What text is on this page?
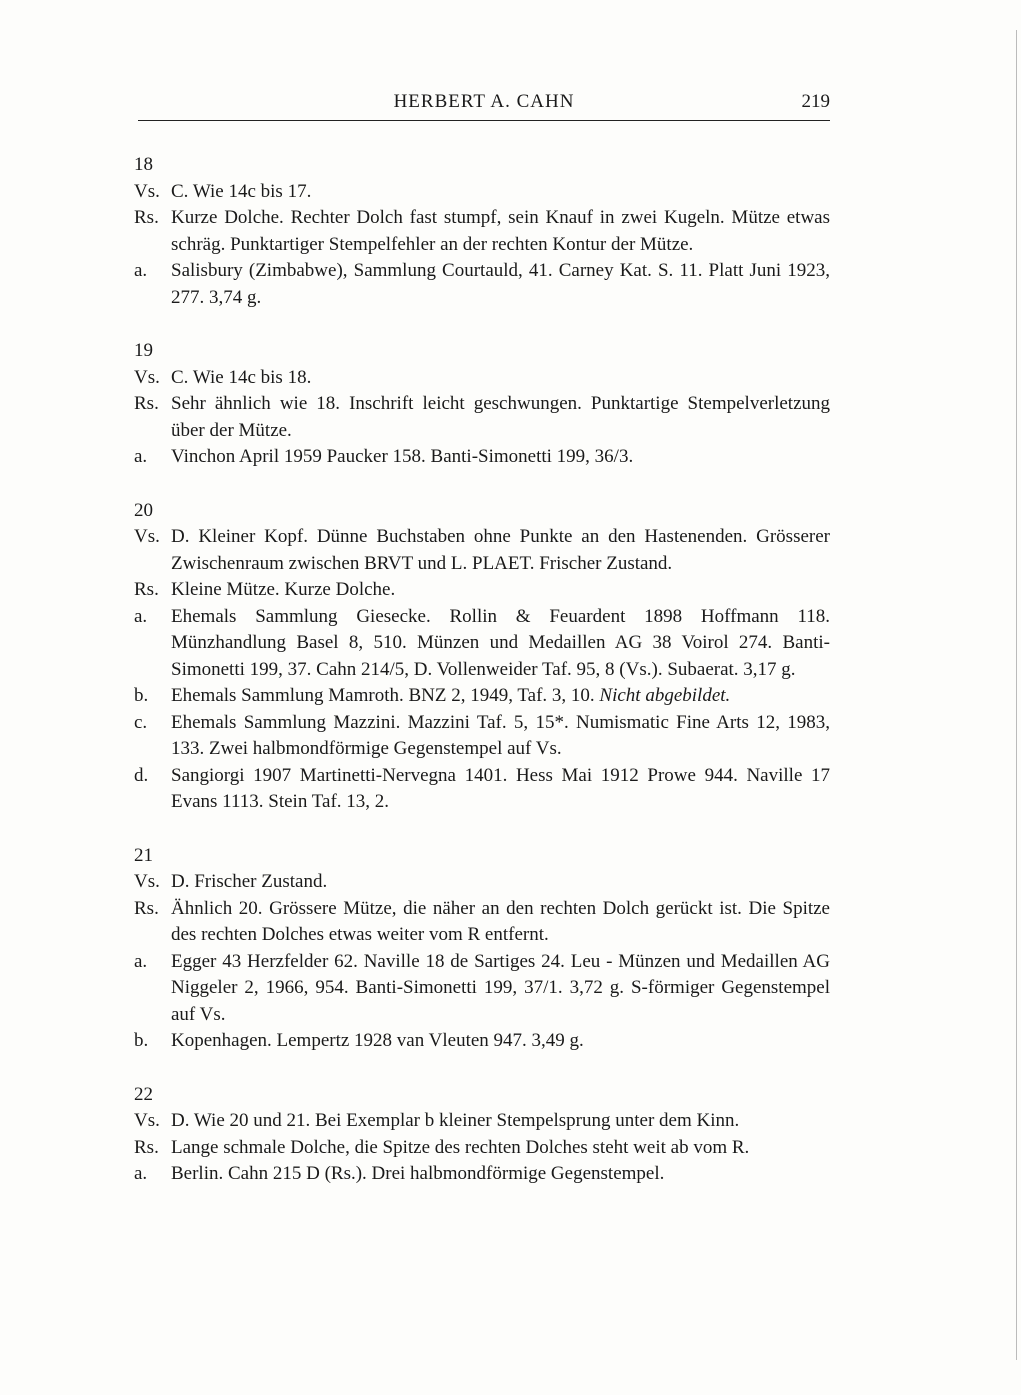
HERBERT A. CAHN	219
18
Vs. C. Wie 14c bis 17.
Rs. Kurze Dolche. Rechter Dolch fast stumpf, sein Knauf in zwei Kugeln. Mütze etwas schräg. Punktartiger Stempelfehler an der rechten Kontur der Mütze.
a.	Salisbury (Zimbabwe), Sammlung Courtauld, 41. Carney Kat. S. 11. Platt Juni 1923, 277. 3,74 g.
19
Vs. C. Wie 14c bis 18.
Rs. Sehr ähnlich wie 18. Inschrift leicht geschwungen. Punktartige Stempelverletzung über der Mütze.
a.	Vinchon April 1959 Paucker 158. Banti-Simonetti 199, 36/3.
20
Vs. D. Kleiner Kopf. Dünne Buchstaben ohne Punkte an den Hastenenden. Grösserer Zwischenraum zwischen BRVT und L. PLAET. Frischer Zustand.
Rs. Kleine Mütze. Kurze Dolche.
a.	Ehemals Sammlung Giesecke. Rollin & Feuardent 1898 Hoffmann 118. Münzhandlung Basel 8, 510. Münzen und Medaillen AG 38 Voirol 274. Banti-Simonetti 199, 37. Cahn 214/5, D. Vollenweider Taf. 95, 8 (Vs.). Subaerat. 3,17 g.
b.	Ehemals Sammlung Mamroth. BNZ 2, 1949, Taf. 3, 10. Nicht abgebildet.
c.	Ehemals Sammlung Mazzini. Mazzini Taf. 5, 15*. Numismatic Fine Arts 12, 1983, 133. Zwei halbmondförmige Gegenstempel auf Vs.
d.	Sangiorgi 1907 Martinetti-Nervegna 1401. Hess Mai 1912 Prowe 944. Naville 17 Evans 1113. Stein Taf. 13, 2.
21
Vs. D. Frischer Zustand.
Rs. Ähnlich 20. Grössere Mütze, die näher an den rechten Dolch gerückt ist. Die Spitze des rechten Dolches etwas weiter vom R entfernt.
a.	Egger 43 Herzfelder 62. Naville 18 de Sartiges 24. Leu - Münzen und Medaillen AG Niggeler 2, 1966, 954. Banti-Simonetti 199, 37/1. 3,72 g. S-förmiger Gegenstempel auf Vs.
b.	Kopenhagen. Lempertz 1928 van Vleuten 947. 3,49 g.
22
Vs. D. Wie 20 und 21. Bei Exemplar b kleiner Stempelsprung unter dem Kinn.
Rs. Lange schmale Dolche, die Spitze des rechten Dolches steht weit ab vom R.
a.	Berlin. Cahn 215 D (Rs.). Drei halbmondförmige Gegenstempel.
